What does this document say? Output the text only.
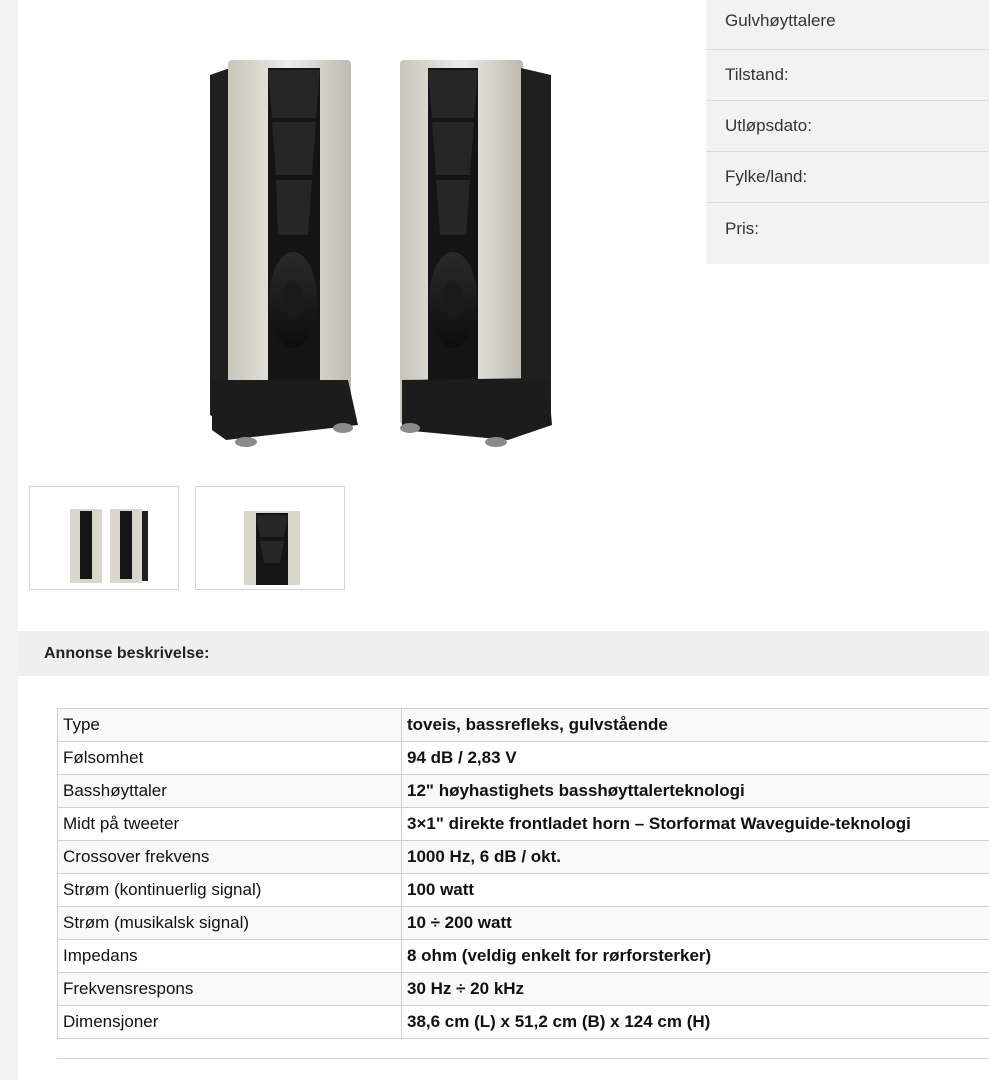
Gulvhøyttalere
Tilstand:
Utløpsdato:
Fylke/land:
Pris:
Annonse beskrivelse:
Type	toveis, bassrefleks, gulvstående
Følsomhet	94 dB / 2,83 V
Basshøyttaler	12" høyhastighets basshøyttalerteknologi
Midt på tweeter	3×1" direkte frontladet horn – Storformat Waveguide-teknologi
Crossover frekvens	1000 Hz, 6 dB / okt.
Strøm (kontinuerlig signal)	100 watt
Strøm (musikalsk signal)	10 ÷ 200 watt
Impedans	8 ohm (veldig enkelt for rørforsterker)
Frekvensrespons	30 Hz ÷ 20 kHz
Dimensjoner	38,6 cm (L) x 51,2 cm (B) x 124 cm (H)
